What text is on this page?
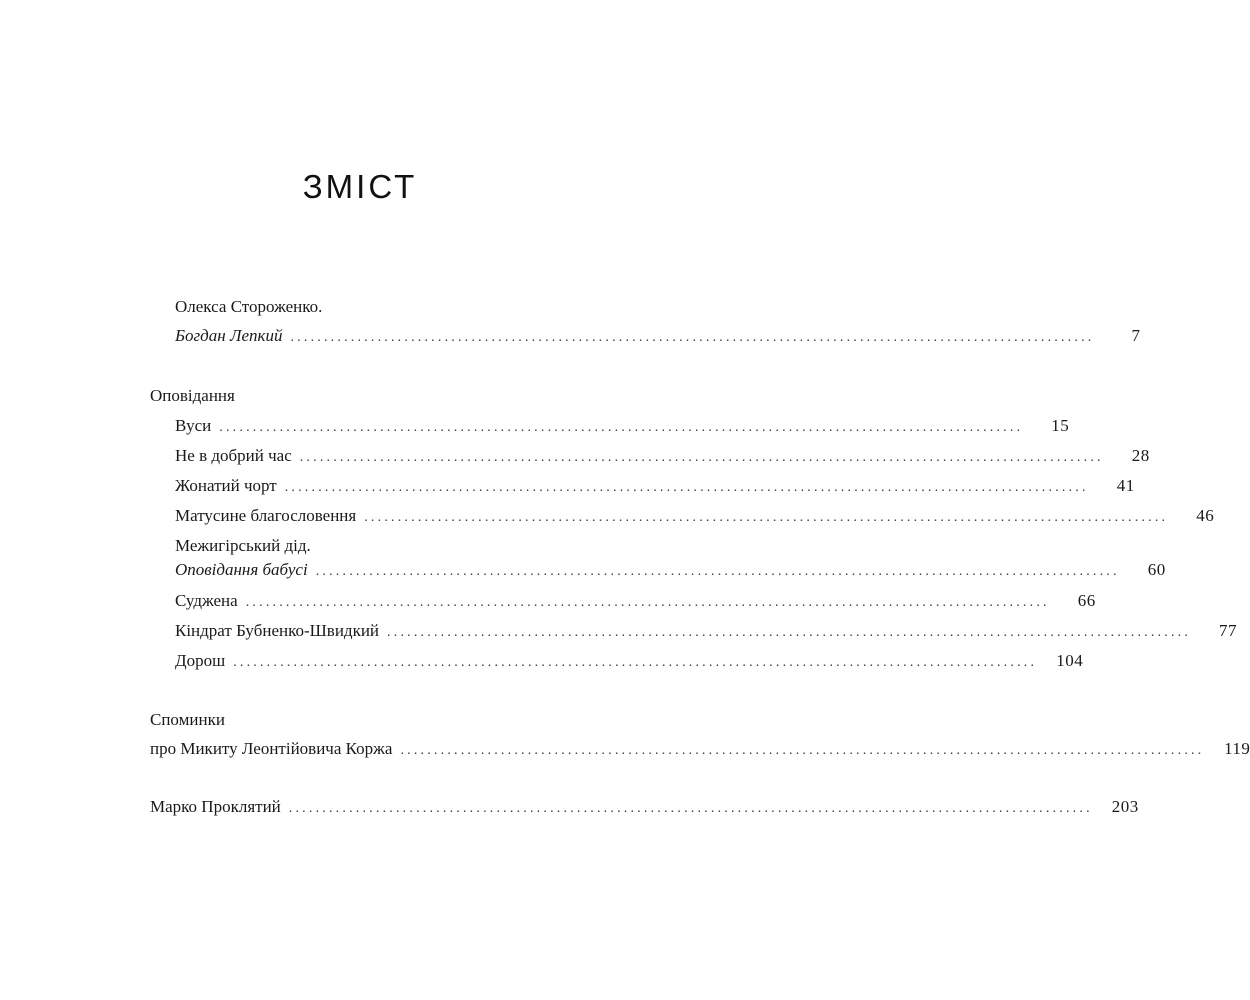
ЗМІСТ
Олекса Стороженко.
Богдан Лепкий ........................................................................................................................	7
Оповідання
Вуси ........................................................................................................................	15
Не в добрий час ........................................................................................................................	28
Жонатий чорт ........................................................................................................................	41
Матусине благословення ........................................................................................................................	46
Межигірський дід.
Оповідання бабусі ........................................................................................................................	60
Суджена ........................................................................................................................	66
Кіндрат Бубненко-Швидкий ........................................................................................................................	77
Дорош ........................................................................................................................	104
Споминки
про Микиту Леонтійовича Коржа ........................................................................................................................	119
Марко Проклятий ........................................................................................................................	203
